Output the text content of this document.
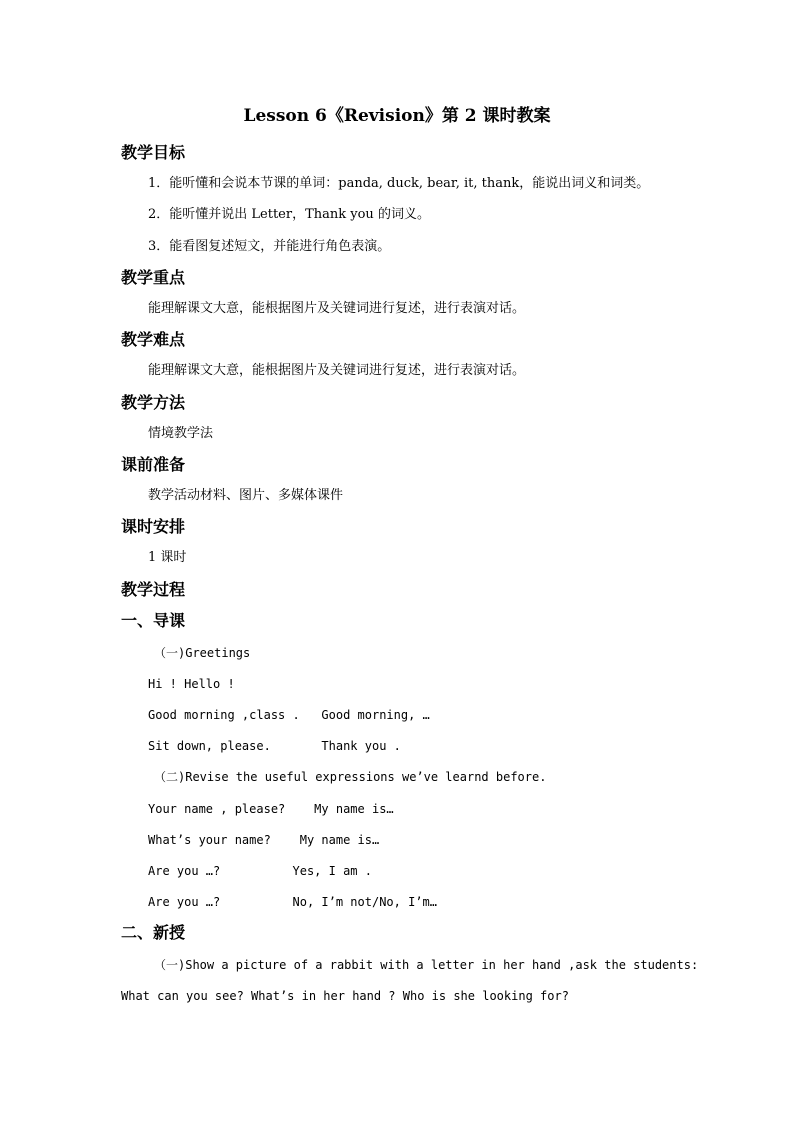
Lesson 6《Revision》第 2 课时教案
教学目标
1．能听懂和会说本节课的单词：panda, duck, bear, it, thank，能说出词义和词类。
2．能听懂并说出 Letter，Thank you 的词义。
3．能看图复述短文，并能进行角色表演。
教学重点
能理解课文大意，能根据图片及关键词进行复述，进行表演对话。
教学难点
能理解课文大意，能根据图片及关键词进行复述，进行表演对话。
教学方法
情境教学法
课前准备
教学活动材料、图片、多媒体课件
课时安排
1 课时
教学过程
一、导课
（一)Greetings
Hi ! Hello !
Good morning ,class .   Good morning, …
Sit down, please.       Thank you .
（二)Revise the useful expressions we’ve learnd before.
Your name , please?    My name is…
What’s your name?    My name is…
Are you …?          Yes, I am .
Are you …?          No, I’m not/No, I’m…
二、新授
（一)Show a picture of a rabbit with a letter in her hand ,ask the students:
What can you see? What’s in her hand ? Who is she looking for?
